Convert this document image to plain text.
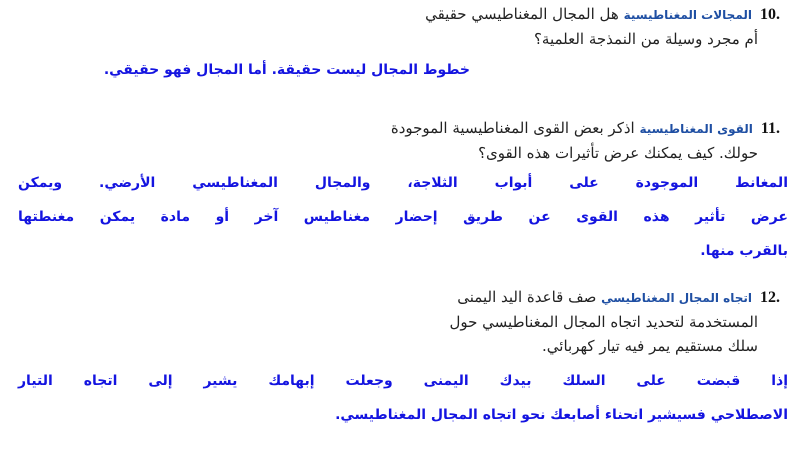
10.المجالات المغناطيسية هل المجال المغناطيسي حقيقي
أم مجرد وسيلة من النمذجة العلمية؟
خطوط المجال ليست حقيقة. أما المجال فهو حقيقي.
11.القوى المغناطيسية اذكر بعض القوى المغناطيسية الموجودة
حولك. كيف يمكنك عرض تأثيرات هذه القوى؟
المغانط الموجودة على أبواب الثلاجة، والمجال المغناطيسي الأرضي. ويمكن
عرض تأثير هذه القوى عن طريق إحضار مغناطيس آخر أو مادة يمكن مغنطتها
بالقرب منها.
12.اتجاه المجال المغناطيسي صف قاعدة اليد اليمنى
المستخدمة لتحديد اتجاه المجال المغناطيسي حول
سلك مستقيم يمر فيه تيار كهربائي.
إذا قبضت على السلك بيدك اليمنى وجعلت إبهامك يشير إلى اتجاه التيار
الاصطلاحي فسيشير انحناء أصابعك نحو اتجاه المجال المغناطيسي.
